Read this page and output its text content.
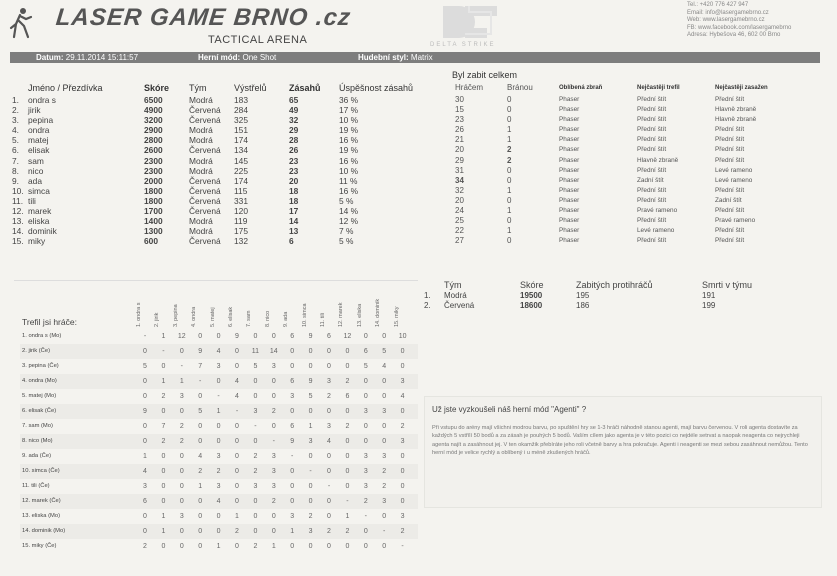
LASER GAME BRNO .cz
TACTICAL ARENA	DELTA STRIKE
Tel.: +420 776 427 947
Email: info@lasergamebrno.cz
Web: www.lasergamebrno.cz
FB: www.facebook.com/lasergamebrno
Adresa: Hybešova 46, 602 00 Brno
Datum: 29.11.2014 15:11:57	Herní mód: One Shot	Hudební styl: Matrix
	Jméno / Přezdívka	Skóre	Tým	Výstřelů	Zásahů	Úspěšnost zásahů
1.	ondra s	6500	Modrá	183	65	36 %
2.	jirik	4900	Červená	284	49	17 %
3.	pepina	3200	Červená	325	32	10 %
4.	ondra	2900	Modrá	151	29	19 %
5.	matej	2800	Modrá	174	28	16 %
6.	elisak	2600	Červená	134	26	19 %
7.	sam	2300	Modrá	145	23	16 %
8.	nico	2300	Modrá	225	23	10 %
9.	ada	2000	Červená	174	20	11 %
10.	simca	1800	Červená	115	18	16 %
11.	tili	1800	Červená	331	18	5 %
12.	marek	1700	Červená	120	17	14 %
13.	eliska	1400	Modrá	119	14	12 %
14.	dominik	1300	Modrá	175	13	7 %
15.	miky	600	Červená	132	6	5 %
Byl zabit celkem
Hráčem	Bránou	Oblíbená zbraň	Nejčastěji trefil	Nejčastěji zasažen
30	0	Phaser	Přední štít	Přední štít
15	0	Phaser	Přední štít	Hlavně zbraně
23	0	Phaser	Přední štít	Hlavně zbraně
26	1	Phaser	Přední štít	Přední štít
21	1	Phaser	Přední štít	Přední štít
20	2	Phaser	Přední štít	Přední štít
29	2	Phaser	Hlavně zbraně	Přední štít
31	0	Phaser	Přední štít	Levé rameno
34	0	Phaser	Zadní štít	Levé rameno
32	1	Phaser	Přední štít	Přední štít
20	0	Phaser	Přední štít	Zadní štít
24	1	Phaser	Pravé rameno	Přední štít
25	0	Phaser	Přední štít	Pravé rameno
22	1	Phaser	Levé rameno	Přední štít
27	0	Phaser	Přední štít	Přední štít
Trefil jsi hráče:	1. ondra s 2. jirik 3. pepina 4. ondra 5. matej 6. elisak 7. sam 8. nico 9. ada 10. simca 11. tili 12. marek 13. eliska 14. dominik 15. miky
1. ondra s (Mo)	-	1	12	0	0	9	0	0	6	9	6	12	0	0	10
2. jirik (Če)	0	-	0	9	4	0	11	14	0	0	0	0	6	5	0
3. pepina (Če)	5	0	-	7	3	0	5	3	0	0	0	0	5	4	0
4. ondra (Mo)	0	1	1	-	0	4	0	0	6	9	3	2	0	0	3
5. matej (Mo)	0	2	3	0	-	4	0	0	3	5	2	6	0	0	4
6. elisak (Če)	9	0	0	5	1	-	3	2	0	0	0	0	3	3	0
7. sam (Mo)	0	7	2	0	0	0	-	0	6	1	3	2	0	0	2
8. nico (Mo)	0	2	2	0	0	0	0	-	9	3	4	0	0	0	3
9. ada (Če)	1	0	0	4	3	0	2	3	-	0	0	0	3	3	0
10. simca (Če)	4	0	0	2	2	0	2	3	0	-	0	0	3	2	0
11. tili (Če)	3	0	0	1	3	0	3	3	0	0	-	0	3	2	0
12. marek (Če)	6	0	0	0	4	0	0	2	0	0	0	-	2	3	0
13. eliska (Mo)	0	1	3	0	0	1	0	0	3	2	0	1	-	0	3
14. dominik (Mo)	0	1	0	0	0	2	0	0	1	3	2	2	0	-	2
15. miky (Če)	2	0	0	0	1	0	2	1	0	0	0	0	0	0	-
	Tým	Skóre	Zabitých protihráčů	Smrti v týmu
1.	Modrá	19500	195	191
2.	Červená	18600	186	199
Už jste vyzkoušeli náš herní mód "Agenti" ?
Při vstupu do arény mají všichni modrou barvu, po spuštění hry se 1-3 hráči náhodně stanou agenti, mají barvu červenou. V roli agenta dostavíte za každých 5 vstřílí 50 bodů a za zásah je pouhých 5 bodů. Vaším cílem jako agenta je v této pozici co nejdéle setrvat a naopak neagenta co nejrychleji agenta najít a zasáhnout jej. V ten okamžik přebíráte jeho roli včetně barvy a hra pokračuje. Agenti i neagenti se mezi sebou zasáhnout nemůžou. Tento herní mód je velice rychlý a oblíbený i u méně zkušených hráčů.
